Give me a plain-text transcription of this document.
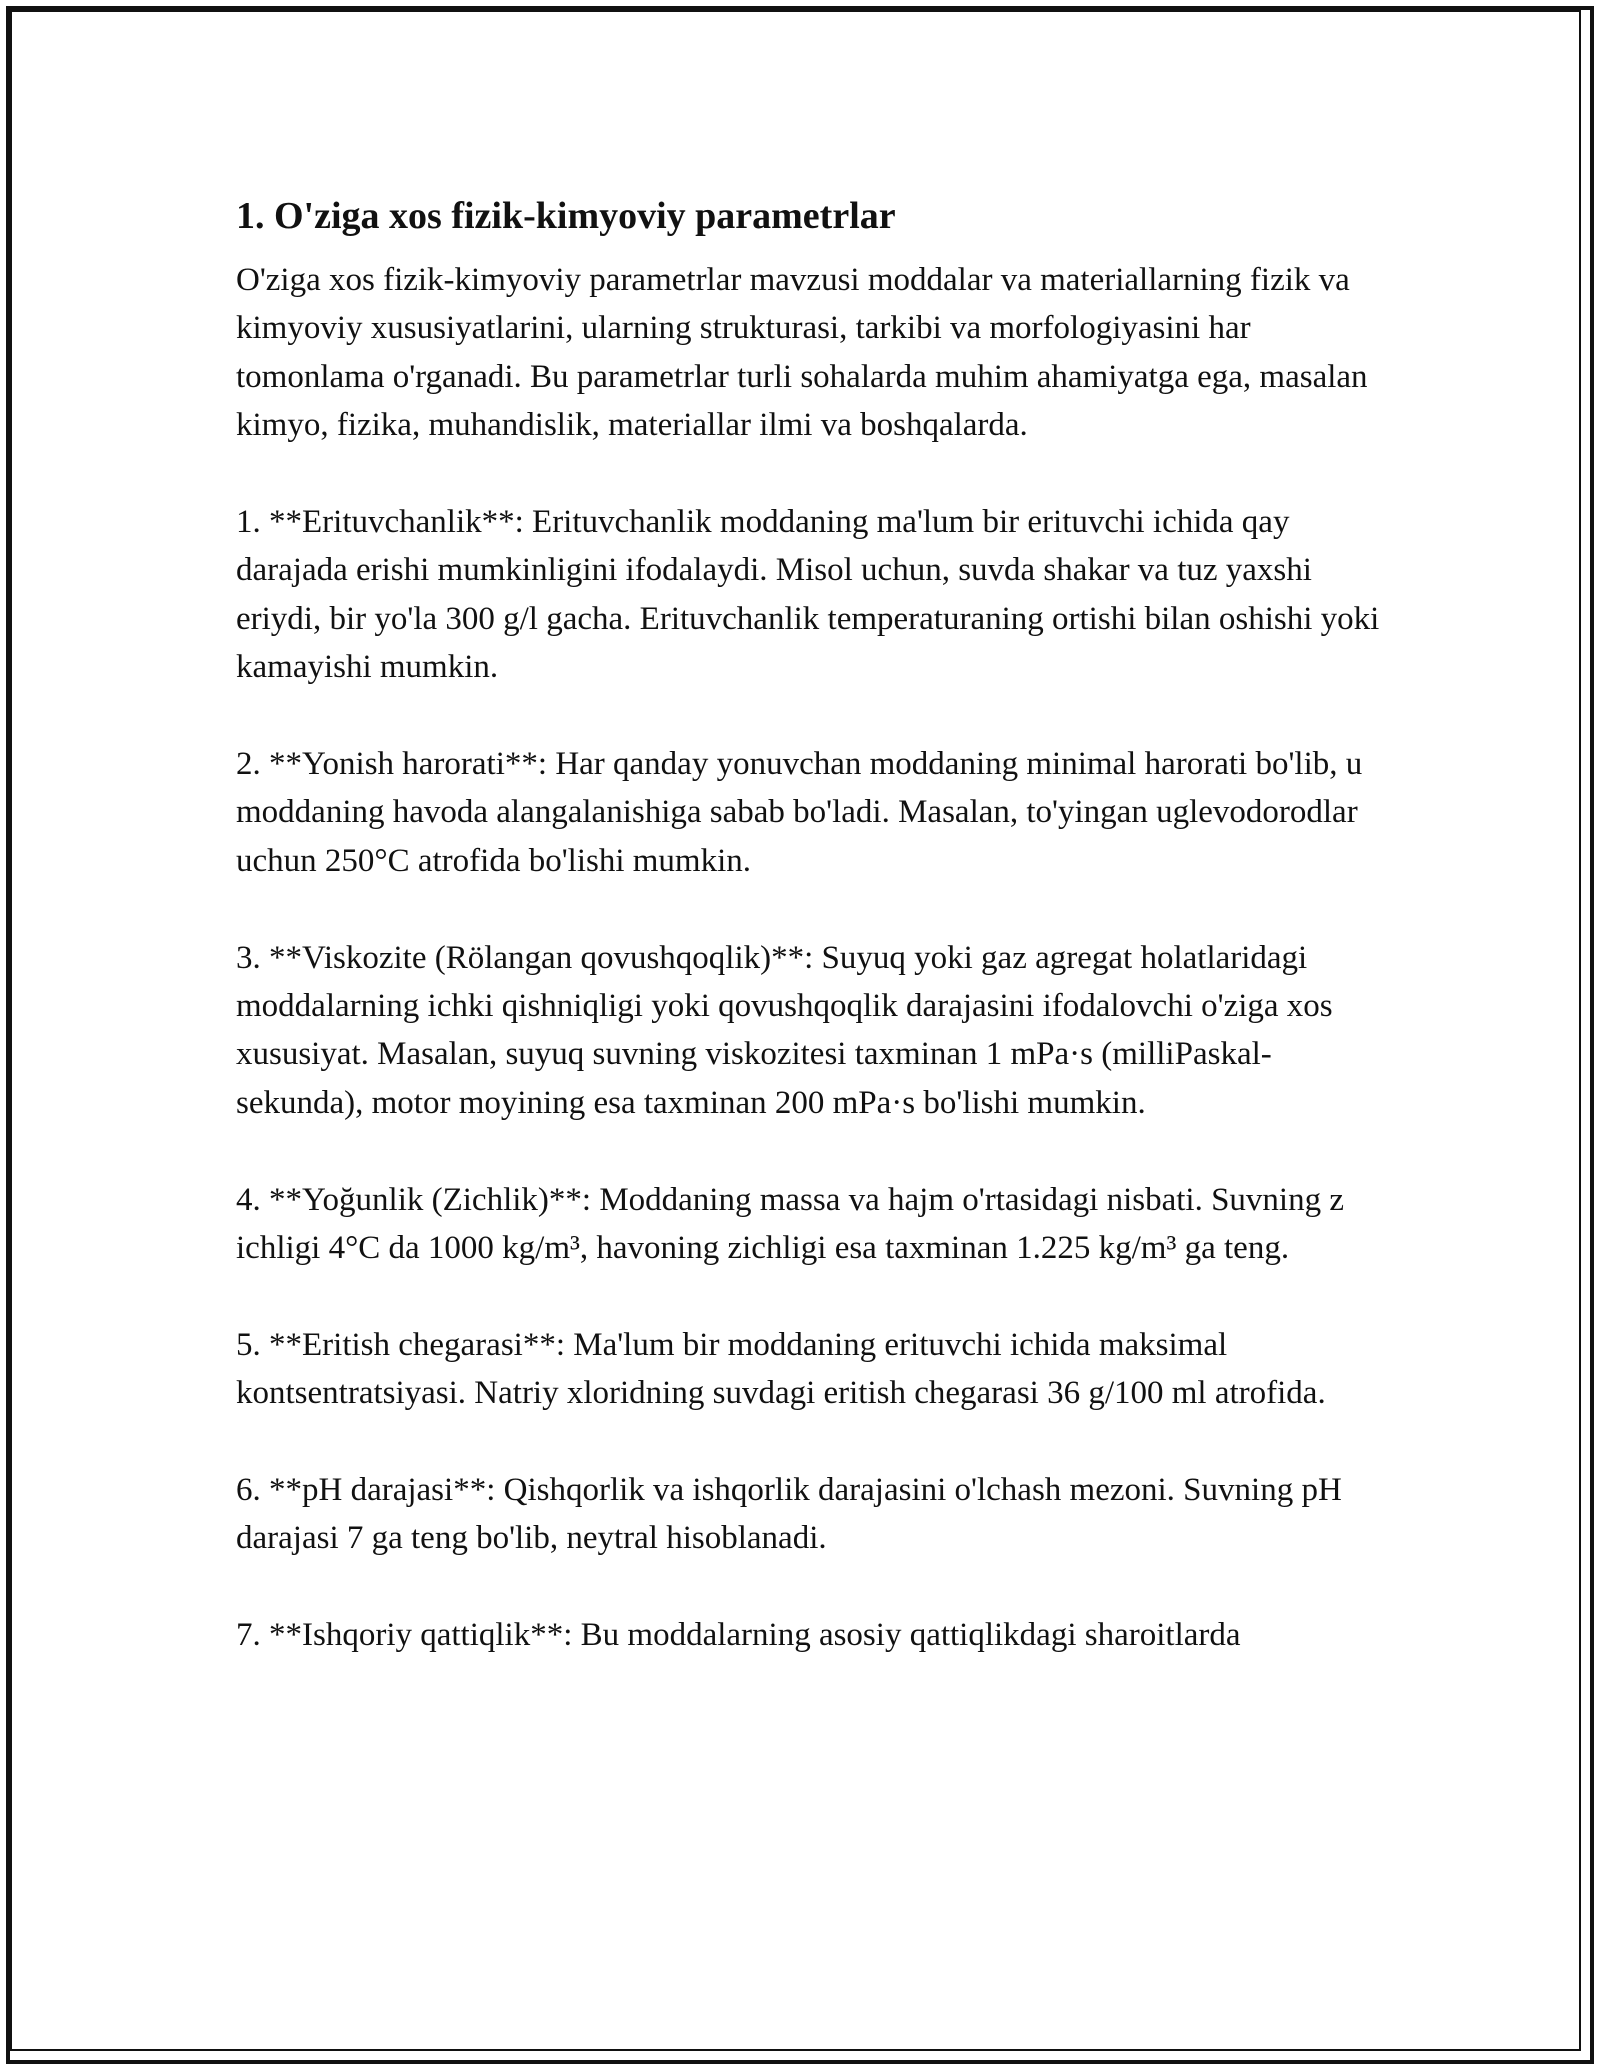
1. O'ziga xos fizik-kimyoviy parametrlar

O'ziga xos fizik-kimyoviy parametrlar mavzusi moddalar va materiallarning fizik va kimyoviy xususiyatlarini, ularning strukturasi, tarkibi va morfologiyasini har tomonlama o'rganadi. Bu parametrlar turli sohalarda muhim ahamiyatga ega, masalan kimyo, fizika, muhandislik, materiallar ilmi va boshqalarda.

1. **Erituvchanlik**: Erituvchanlik moddaning ma'lum bir erituvchi ichida qay darajada erishi mumkinligini ifodalaydi. Misol uchun, suvda shakar va tuz yaxshi eriydi, bir yo'la 300 g/l gacha. Erituvchanlik temperaturaning ortishi bilan oshishi yoki kamayishi mumkin.

2. **Yonish harorati**: Har qanday yonuvchan moddaning minimal harorati bo'lib, u moddaning havoda alangalanishiga sabab bo'ladi. Masalan, to'yingan uglevodorodlar uchun 250°C atrofida bo'lishi mumkin.

3. **Viskozite (Rölangan qovushqoqlik)**: Suyuq yoki gaz agregat holatlaridagi moddalarning ichki qishniqligi yoki qovushqoqlik darajasini ifodalovchi o'ziga xos xususiyat. Masalan, suyuq suvning viskozitesi taxminan 1 mPa·s (milliPaskal-sekunda), motor moyining esa taxminan 200 mPa·s bo'lishi mumkin.

4. **Yoğunlik (Zichlik)**: Moddaning massa va hajm o'rtasidagi nisbati. Suvning z ichligi 4°C da 1000 kg/m³, havoning zichligi esa taxminan 1.225 kg/m³ ga teng.

5. **Eritish chegarasi**: Ma'lum bir moddaning erituvchi ichida maksimal kontsentratsiyasi. Natriy xloridning suvdagi eritish chegarasi 36 g/100 ml atrofida.

6. **pH darajasi**: Qishqorlik va ishqorlik darajasini o'lchash mezoni. Suvning pH darajasi 7 ga teng bo'lib, neytral hisoblanadi.

7. **Ishqoriy qattiqlik**: Bu moddalarning asosiy qattiqlikdagi sharoitlarda
